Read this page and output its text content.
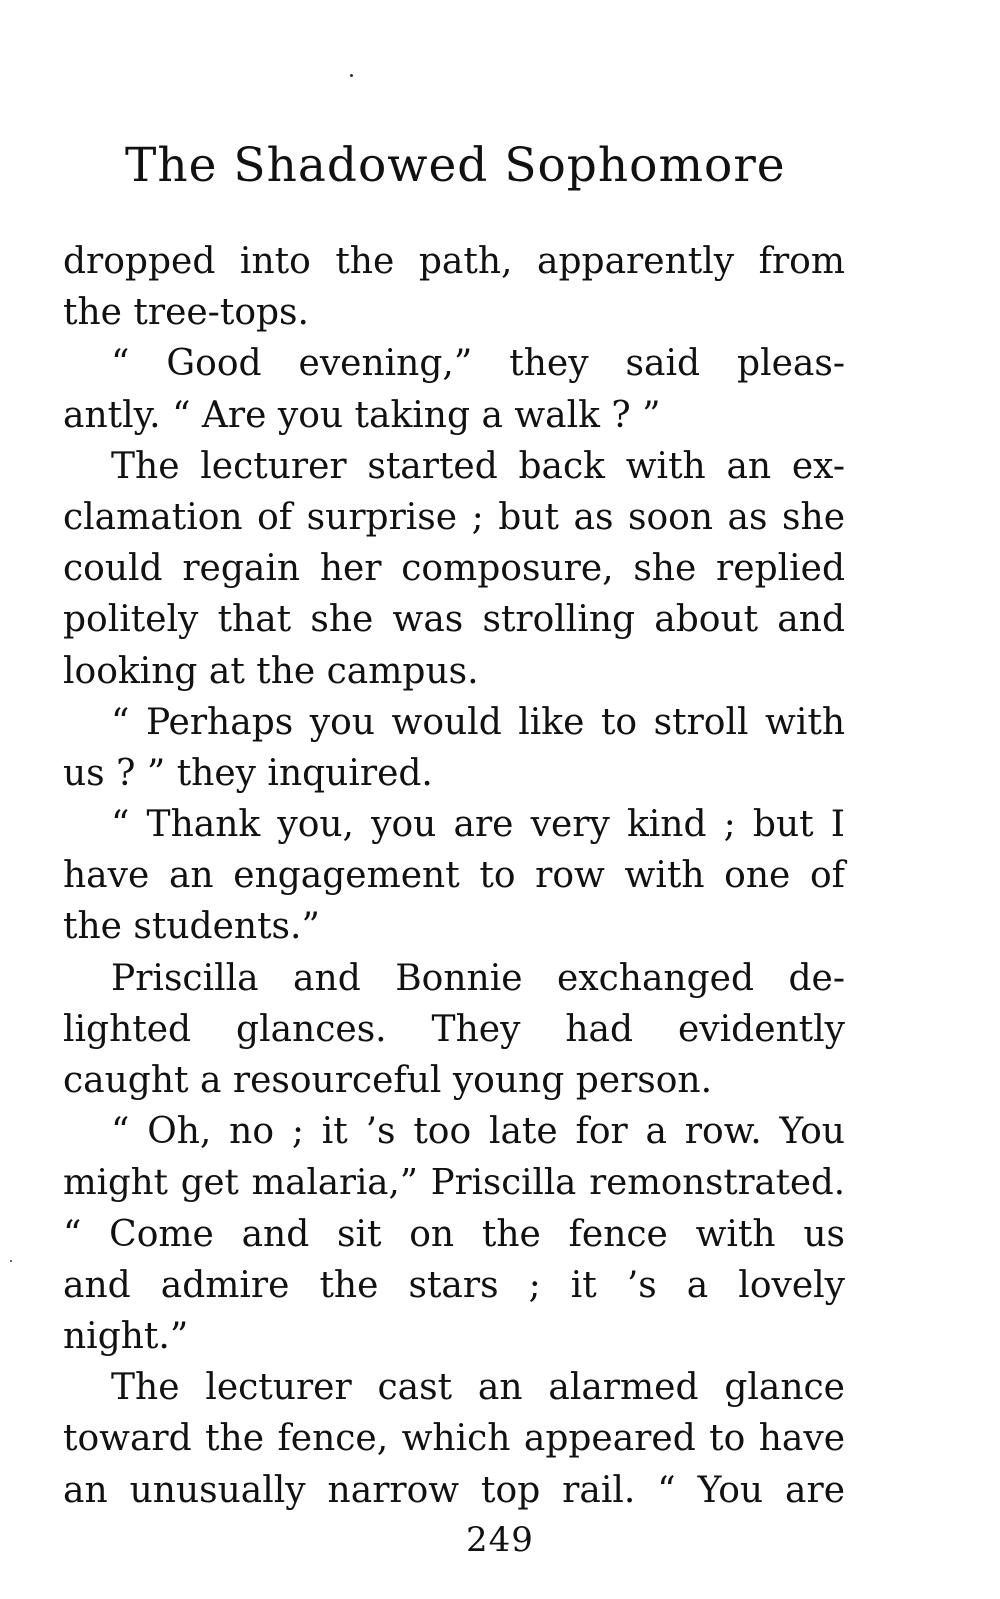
The Shadowed Sophomore
dropped into the path, apparently from
the tree-tops.
“ Good evening,” they said pleas-
antly. “ Are you taking a walk ? ”
The lecturer started back with an ex-
clamation of surprise ; but as soon as she
could regain her composure, she replied
politely that she was strolling about and
looking at the campus.
“ Perhaps you would like to stroll with
us ? ” they inquired.
“ Thank you, you are very kind ; but I
have an engagement to row with one of
the students.”
Priscilla and Bonnie exchanged de-
lighted glances. They had evidently
caught a resourceful young person.
“ Oh, no ; it ’s too late for a row. You
might get malaria,” Priscilla remonstrated.
“ Come and sit on the fence with us
and admire the stars ; it ’s a lovely
night.”
The lecturer cast an alarmed glance
toward the fence, which appeared to have
an unusually narrow top rail. “ You are
249
